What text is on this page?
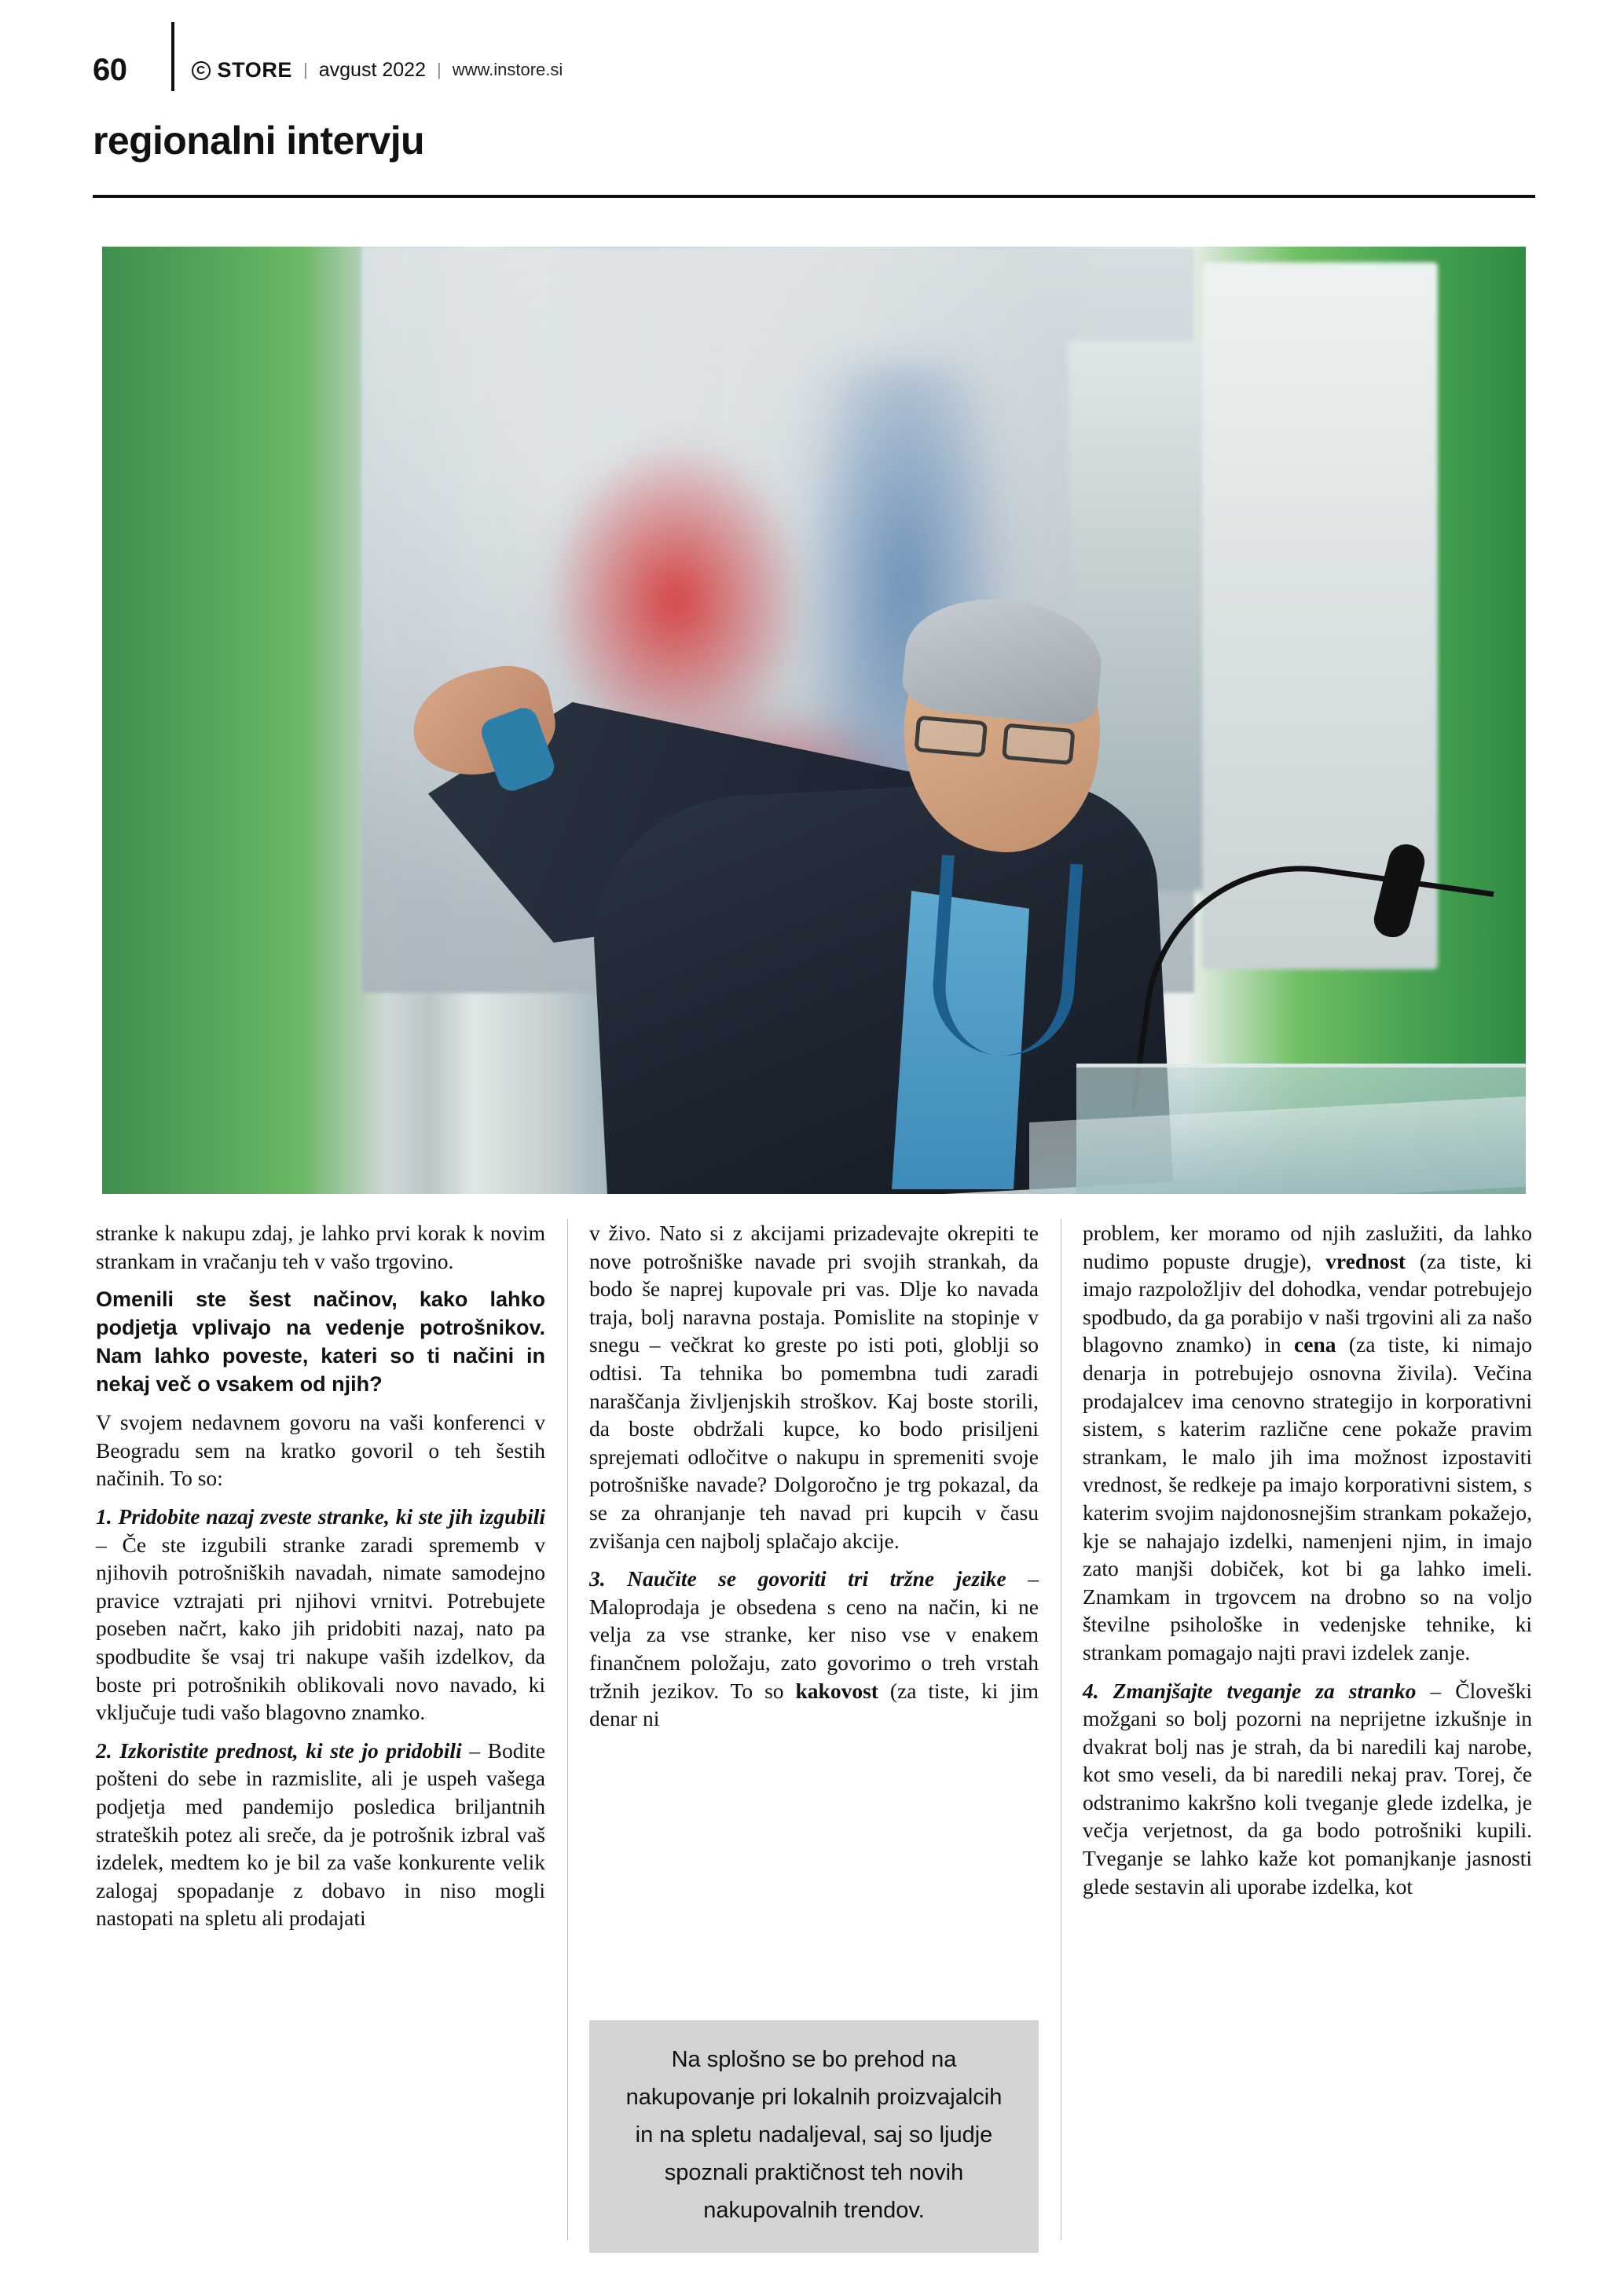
60	C STORE | avgust 2022 | www.instore.si
regionalni intervju

stranke k nakupu zdaj, je lahko prvi korak k novim strankam in vračanju teh v vašo trgovino.

Omenili ste šest načinov, kako lahko podjetja vplivajo na vedenje potrošnikov. Nam lahko poveste, kateri so ti načini in nekaj več o vsakem od njih?

V svojem nedavnem govoru na vaši konferenci v Beogradu sem na kratko govoril o teh šestih načinih. To so:

1. Pridobite nazaj zveste stranke, ki ste jih izgubili – Če ste izgubili stranke zaradi sprememb v njihovih potrošniških navadah, nimate samodejno pravice vztrajati pri njihovi vrnitvi. Potrebujete poseben načrt, kako jih pridobiti nazaj, nato pa spodbudite še vsaj tri nakupe vaših izdelkov, da boste pri potrošnikih oblikovali novo navado, ki vključuje tudi vašo blagovno znamko.

2. Izkoristite prednost, ki ste jo pridobili – Bodite pošteni do sebe in razmislite, ali je uspeh vašega podjetja med pandemijo posledica briljantnih strateških potez ali sreče, da je potrošnik izbral vaš izdelek, medtem ko je bil za vaše konkurente velik zalogaj spopadanje z dobavo in niso mogli nastopati na spletu ali prodajati

v živo. Nato si z akcijami prizadevajte okrepiti te nove potrošniške navade pri svojih strankah, da bodo še naprej kupovale pri vas. Dlje ko navada traja, bolj naravna postaja. Pomislite na stopinje v snegu – večkrat ko greste po isti poti, globlji so odtisi. Ta tehnika bo pomembna tudi zaradi naraščanja življenjskih stroškov. Kaj boste storili, da boste obdržali kupce, ko bodo prisiljeni sprejemati odločitve o nakupu in spremeniti svoje potrošniške navade? Dolgoročno je trg pokazal, da se za ohranjanje teh navad pri kupcih v času zvišanja cen najbolj splačajo akcije.

3. Naučite se govoriti tri tržne jezike – Maloprodaja je obsedena s ceno na način, ki ne velja za vse stranke, ker niso vse v enakem finančnem položaju, zato govorimo o treh vrstah tržnih jezikov. To so kakovost (za tiste, ki jim denar ni

problem, ker moramo od njih zaslužiti, da lahko nudimo popuste drugje), vrednost (za tiste, ki imajo razpoložljiv del dohodka, vendar potrebujejo spodbudo, da ga porabijo v naši trgovini ali za našo blagovno znamko) in cena (za tiste, ki nimajo denarja in potrebujejo osnovna živila). Večina prodajalcev ima cenovno strategijo in korporativni sistem, s katerim različne cene pokaže pravim strankam, le malo jih ima možnost izpostaviti vrednost, še redkeje pa imajo korporativni sistem, s katerim svojim najdonosnejšim strankam pokažejo, kje se nahajajo izdelki, namenjeni njim, in imajo zato manjši dobiček, kot bi ga lahko imeli. Znamkam in trgovcem na drobno so na voljo številne psihološke in vedenjske tehnike, ki strankam pomagajo najti pravi izdelek zanje.

4. Zmanjšajte tveganje za stranko – Človeški možgani so bolj pozorni na neprijetne izkušnje in dvakrat bolj nas je strah, da bi naredili kaj narobe, kot smo veseli, da bi naredili nekaj prav. Torej, če odstranimo kakršno koli tveganje glede izdelka, je večja verjetnost, da ga bodo potrošniki kupili. Tveganje se lahko kaže kot pomanjkanje jasnosti glede sestavin ali uporabe izdelka, kot

Na splošno se bo prehod na nakupovanje pri lokalnih proizvajalcih in na spletu nadaljeval, saj so ljudje spoznali praktičnost teh novih nakupovalnih trendov.
